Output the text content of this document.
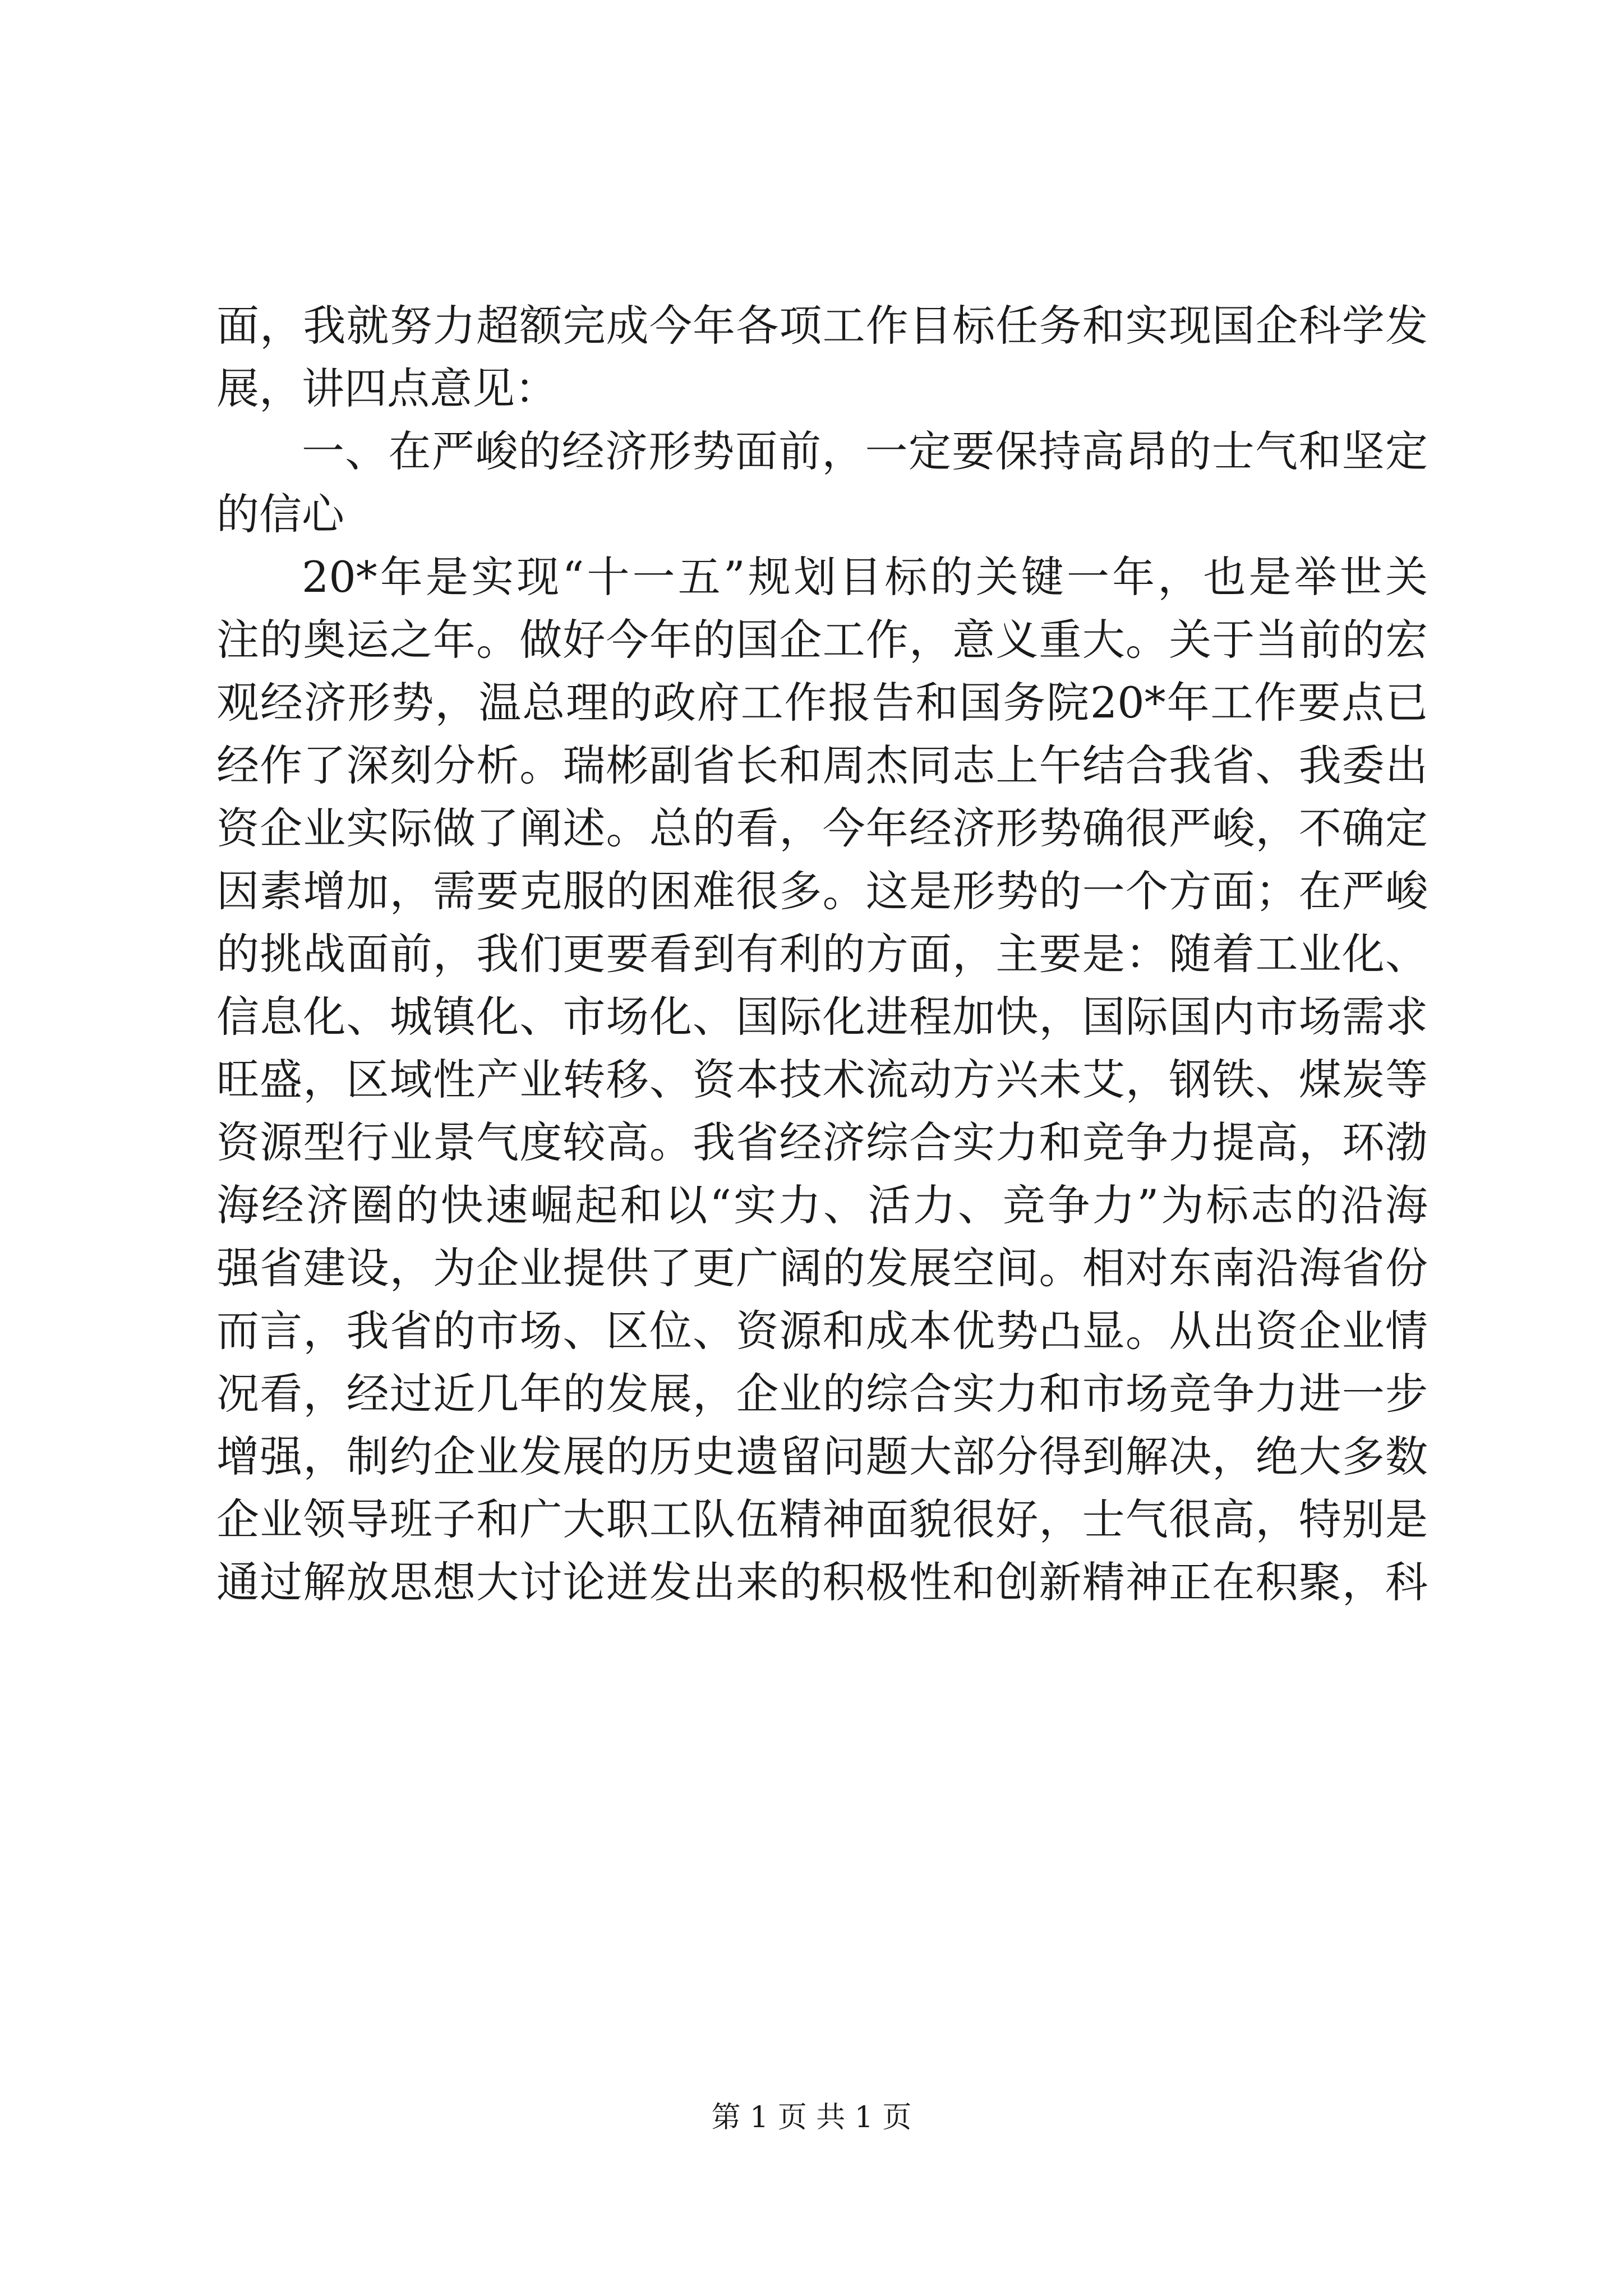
面，我就努力超额完成今年各项工作目标任务和实现国企科学发
展，讲四点意见：
一、在严峻的经济形势面前，一定要保持高昂的士气和坚定
的信心
20*年是实现“十一五”规划目标的关键一年，也是举世关
注的奥运之年。做好今年的国企工作，意义重大。关于当前的宏
观经济形势，温总理的政府工作报告和国务院20*年工作要点已
经作了深刻分析。瑞彬副省长和周杰同志上午结合我省、我委出
资企业实际做了阐述。总的看，今年经济形势确很严峻，不确定
因素增加，需要克服的困难很多。这是形势的一个方面；在严峻
的挑战面前，我们更要看到有利的方面，主要是：随着工业化、
信息化、城镇化、市场化、国际化进程加快，国际国内市场需求
旺盛，区域性产业转移、资本技术流动方兴未艾，钢铁、煤炭等
资源型行业景气度较高。我省经济综合实力和竞争力提高，环渤
海经济圈的快速崛起和以“实力、活力、竞争力”为标志的沿海
强省建设，为企业提供了更广阔的发展空间。相对东南沿海省份
而言，我省的市场、区位、资源和成本优势凸显。从出资企业情
况看，经过近几年的发展，企业的综合实力和市场竞争力进一步
增强，制约企业发展的历史遗留问题大部分得到解决，绝大多数
企业领导班子和广大职工队伍精神面貌很好，士气很高，特别是
通过解放思想大讨论迸发出来的积极性和创新精神正在积聚，科
第 1 页 共 1 页
